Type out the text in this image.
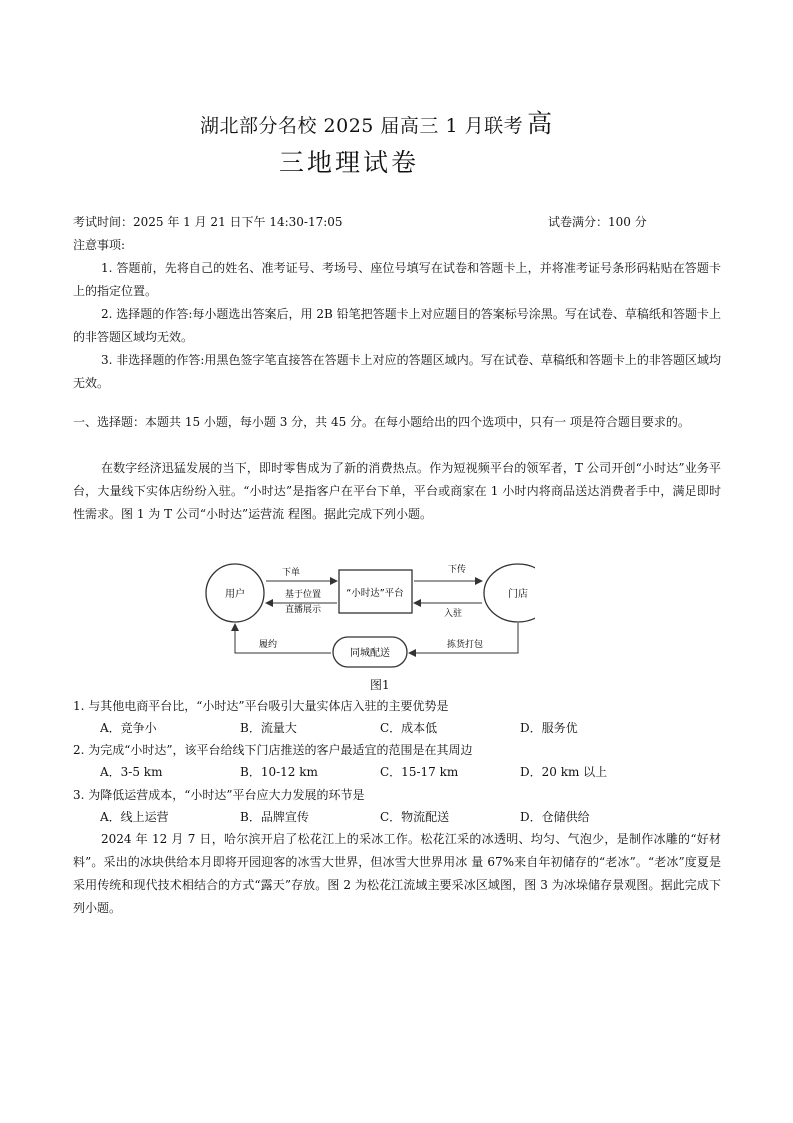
湖北部分名校 2025 届高三 1 月联考 高
三地理试卷
考试时间：2025 年 1 月 21 日下午 14:30-17:05	试卷满分：100 分
注意事项:
1. 答题前，先将自己的姓名、准考证号、考场号、座位号填写在试卷和答题卡上，并将准考证号条形码粘贴在答题卡上的指定位置。
2. 选择题的作答:每小题选出答案后，用 2B 铅笔把答题卡上对应题目的答案标号涂黑。写在试卷、草稿纸和答题卡上的非答题区域均无效。
3. 非选择题的作答:用黑色签字笔直接答在答题卡上对应的答题区域内。写在试卷、草稿纸和答题卡上的非答题区域均无效。
一、选择题：本题共 15 小题，每小题 3 分，共 45 分。在每小题给出的四个选项中，只有一 项是符合题目要求的。
在数字经济迅猛发展的当下，即时零售成为了新的消费热点。作为短视频平台的领军者，T 公司开创“小时达”业务平台，大量线下实体店纷纷入驻。“小时达”是指客户在平台下单，平台或商家在 1 小时内将商品送达消费者手中，满足即时性需求。图 1 为 T 公司“小时达”运营流 程图。据此完成下列小题。
用户	“小时达”平台	门店
同城配送
下单
基于位置
直播展示
下传
入驻
拣货打包
履约
图1
1. 与其他电商平台比，“小时达”平台吸引大量实体店入驻的主要优势是
A．竞争小	B．流量大	C．成本低	D．服务优
2. 为完成“小时达”，该平台给线下门店推送的客户最适宜的范围是在其周边
A．3-5 km	B．10-12 km	C．15-17 km	D．20 km 以上
3. 为降低运营成本，“小时达”平台应大力发展的环节是
A．线上运营	B．品牌宣传	C．物流配送	D．仓储供给
2024 年 12 月 7 日，哈尔滨开启了松花江上的采冰工作。松花江采的冰透明、均匀、气泡少，是制作冰雕的“好材料”。采出的冰块供给本月即将开园迎客的冰雪大世界，但冰雪大世界用冰 量 67%来自年初储存的“老冰”。“老冰”度夏是采用传统和现代技术相结合的方式“露天”存放。图 2 为松花江流域主要采冰区域图，图 3 为冰垛储存景观图。据此完成下列小题。
